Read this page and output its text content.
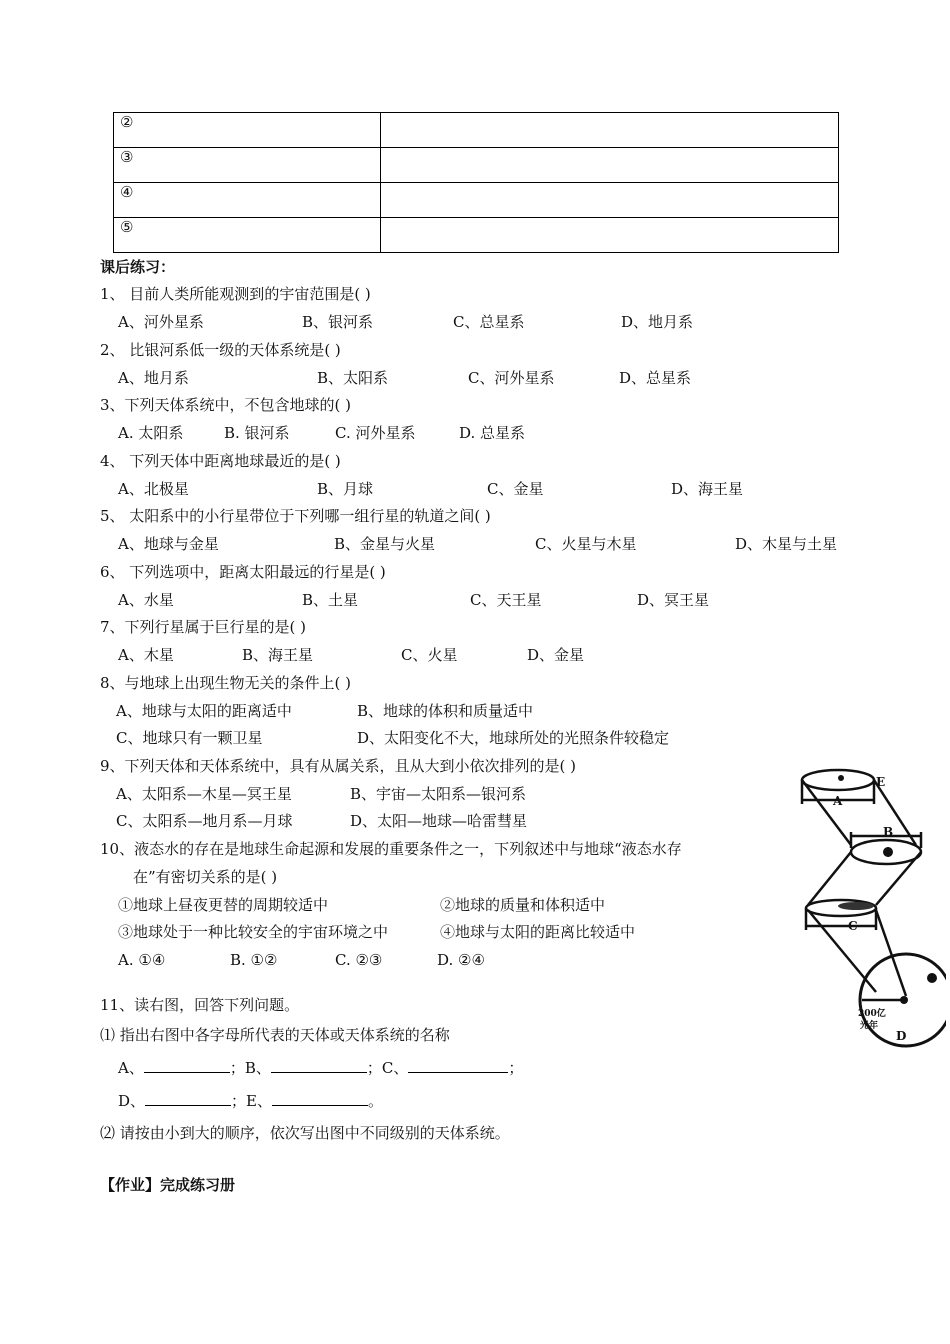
②	
③	
④	
⑤	
课后练习：
1、 目前人类所能观测到的宇宙范围是( )
A、河外星系	B、银河系	C、总星系	D、地月系
2、 比银河系低一级的天体系统是( )
A、地月系	B、太阳系	C、河外星系	D、总星系
3、下列天体系统中，不包含地球的( )
A. 太阳系	B. 银河系	C. 河外星系	D. 总星系
4、 下列天体中距离地球最近的是( )
A、北极星	B、月球	C、金星	D、海王星
5、 太阳系中的小行星带位于下列哪一组行星的轨道之间( )
A、地球与金星	B、金星与火星	C、火星与木星	D、木星与土星
6、 下列选项中，距离太阳最远的行星是( )
A、水星	B、土星	C、天王星	D、冥王星
7、下列行星属于巨行星的是( )
A、木星	B、海王星	C、火星	D、金星
8、与地球上出现生物无关的条件上( )
A、地球与太阳的距离适中	B、地球的体积和质量适中
C、地球只有一颗卫星	D、太阳变化不大，地球所处的光照条件较稳定
9、下列天体和天体系统中，具有从属关系，且从大到小依次排列的是( )
A、太阳系—木星—冥王星	B、宇宙—太阳系—银河系
C、太阳系—地月系—月球	D、太阳—地球—哈雷彗星
10、液态水的存在是地球生命起源和发展的重要条件之一，下列叙述中与地球“液态水存
在”有密切关系的是( )
①地球上昼夜更替的周期较适中	②地球的质量和体积适中
③地球处于一种比较安全的宇宙环境之中	④地球与太阳的距离比较适中
A. ①④	B. ①②	C. ②③	D. ②④
11、读右图，回答下列问题。
⑴ 指出右图中各字母所代表的天体或天体系统的名称
A、	；B、	；C、	；
D、	；E、	。
⑵ 请按由小到大的顺序，依次写出图中不同级别的天体系统。
【作业】完成练习册
E
A
B
C
D
200亿
光年
